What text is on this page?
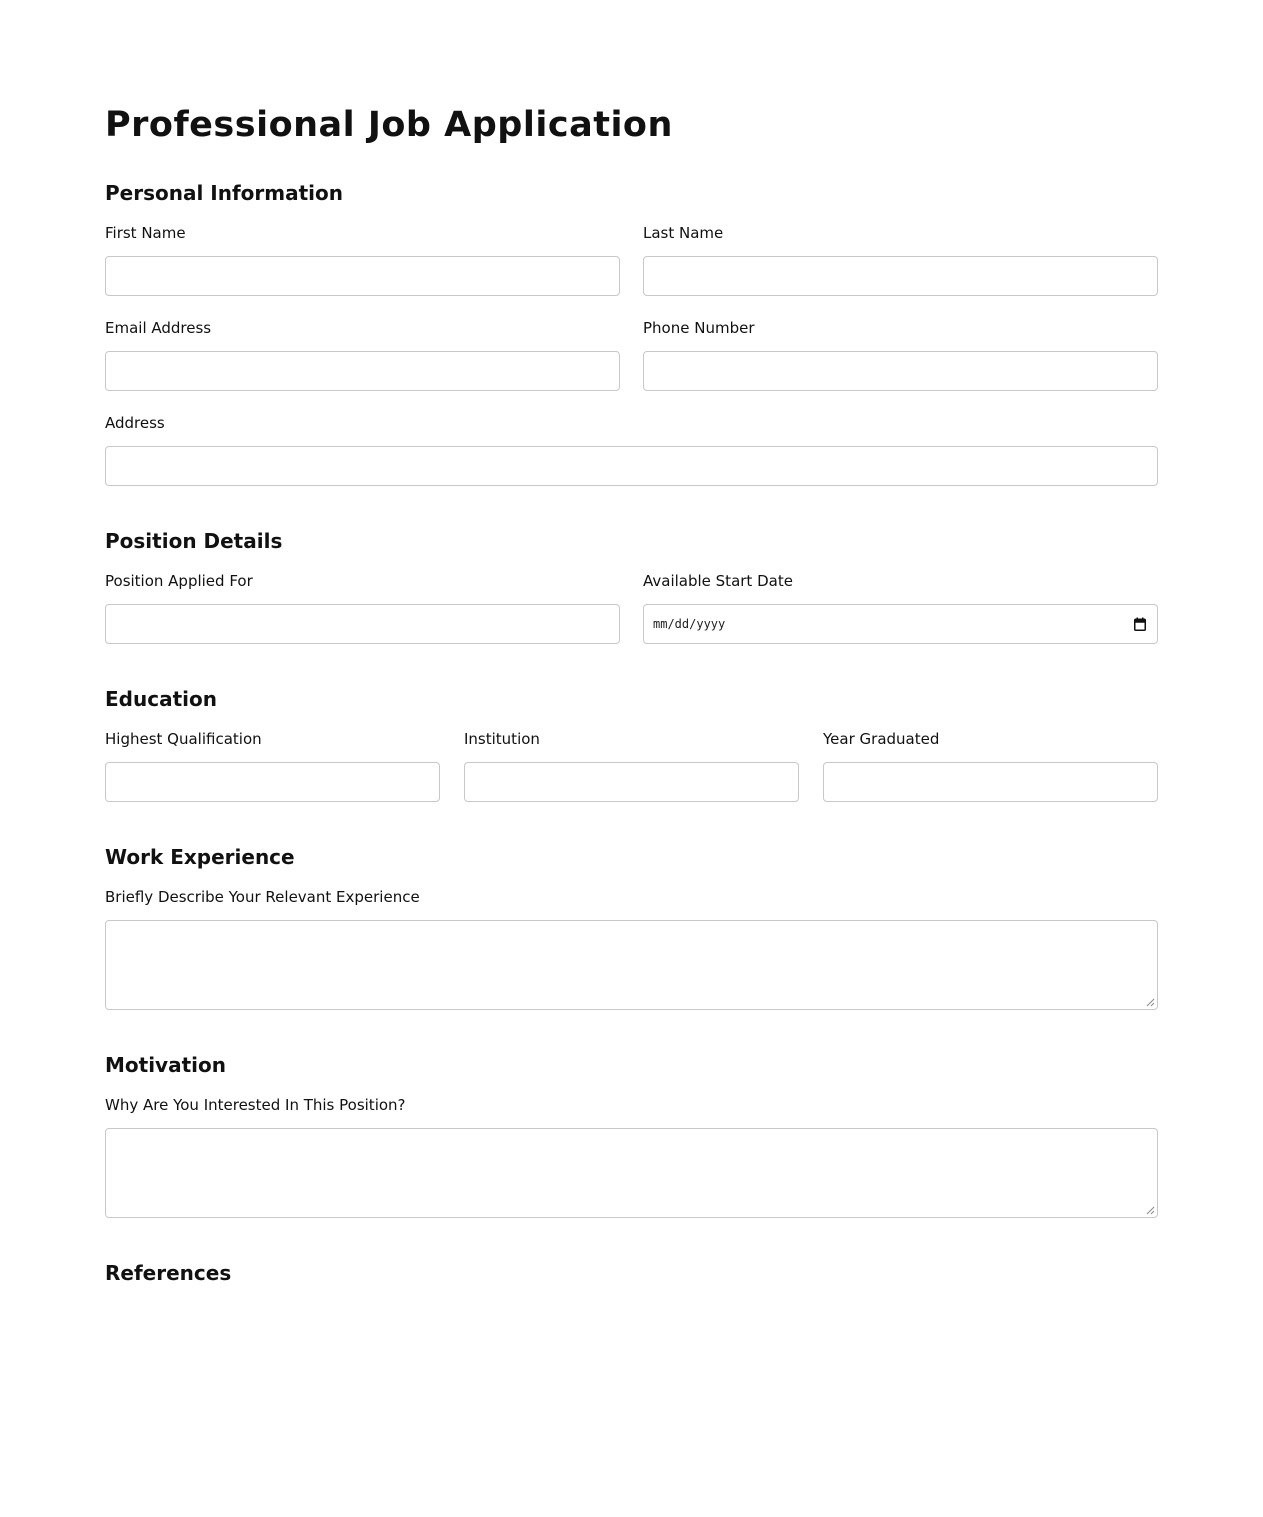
Professional Job Application
Personal Information
First Name	Last Name
Email Address	Phone Number
Address
Position Details
Position Applied For	Available Start Date
mm/dd/yyyy
Education
Highest Qualification	Institution	Year Graduated
Work Experience
Briefly Describe Your Relevant Experience
Motivation
Why Are You Interested In This Position?
References
